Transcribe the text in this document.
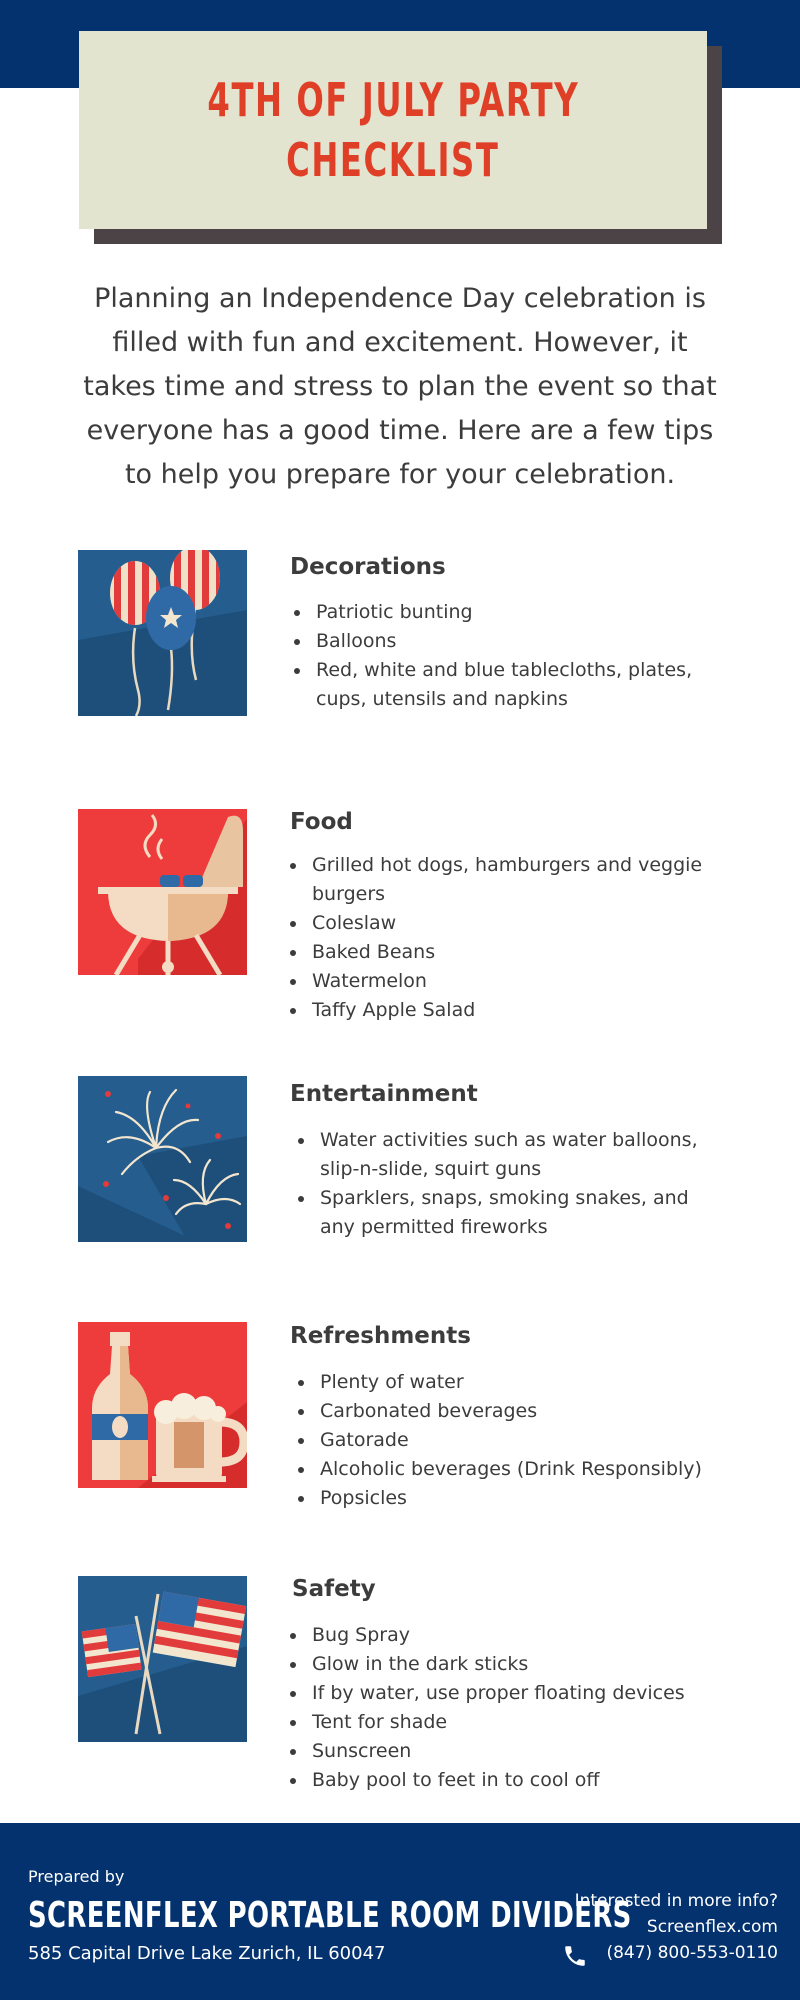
4TH OF JULY PARTY
CHECKLIST
Planning an Independence Day celebration is
filled with fun and excitement. However, it
takes time and stress to plan the event so that
everyone has a good time. Here are a few tips
to help you prepare for your celebration.
Decorations
Patriotic bunting
Balloons
Red, white and blue tablecloths, plates,
cups, utensils and napkins
Food
Grilled hot dogs, hamburgers and veggie
burgers
Coleslaw
Baked Beans
Watermelon
Taffy Apple Salad
Entertainment
Water activities such as water balloons,
slip-n-slide, squirt guns
Sparklers, snaps, smoking snakes, and
any permitted fireworks
Refreshments
Plenty of water
Carbonated beverages
Gatorade
Alcoholic beverages (Drink Responsibly)
Popsicles
Safety
Bug Spray
Glow in the dark sticks
If by water, use proper floating devices
Tent for shade
Sunscreen
Baby pool to feet in to cool off
Prepared by
SCREENFLEX PORTABLE ROOM DIVIDERS
585 Capital Drive Lake Zurich, IL 60047
Interested in more info?
Screenflex.com
(847) 800-553-0110
